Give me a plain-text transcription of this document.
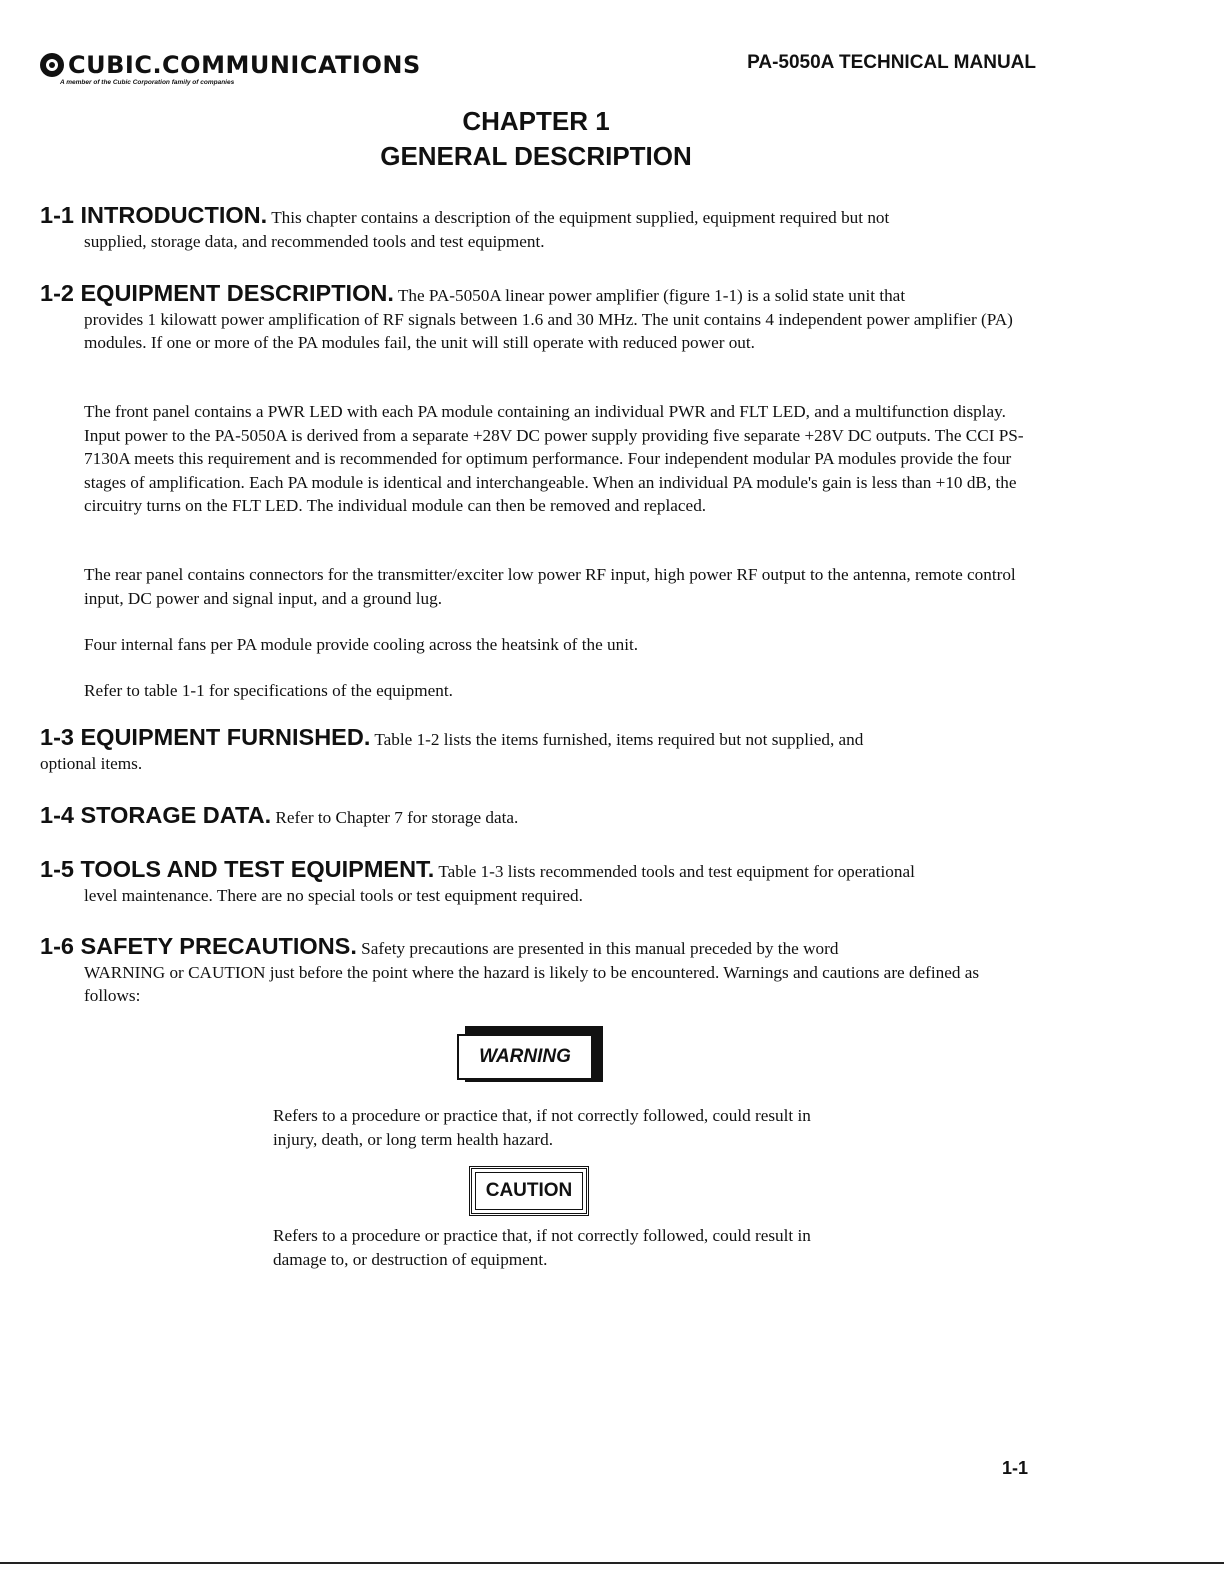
CUBIC.COMMUNICATIONS
A member of the Cubic Corporation family of companies
PA-5050A TECHNICAL MANUAL
CHAPTER 1
GENERAL DESCRIPTION
1-1 INTRODUCTION. This chapter contains a description of the equipment supplied, equipment required but not
supplied, storage data, and recommended tools and test equipment.
1-2 EQUIPMENT DESCRIPTION. The PA-5050A linear power amplifier (figure 1-1) is a solid state unit that
provides 1 kilowatt power amplification of RF signals between 1.6 and 30 MHz. The unit contains 4 independent power amplifier (PA) modules. If one or more of the PA modules fail, the unit will still operate with reduced power out.
The front panel contains a PWR LED with each PA module containing an individual PWR and FLT LED, and a multifunction display. Input power to the PA-5050A is derived from a separate +28V DC power supply providing five separate +28V DC outputs. The CCI PS-7130A meets this requirement and is recommended for optimum performance. Four independent modular PA modules provide the four stages of amplification. Each PA module is identical and interchangeable. When an individual PA module's gain is less than +10 dB, the circuitry turns on the FLT LED. The individual module can then be removed and replaced.
The rear panel contains connectors for the transmitter/exciter low power RF input, high power RF output to the antenna, remote control input, DC power and signal input, and a ground lug.
Four internal fans per PA module provide cooling across the heatsink of the unit.
Refer to table 1-1 for specifications of the equipment.
1-3 EQUIPMENT FURNISHED. Table 1-2 lists the items furnished, items required but not supplied, and
optional items.
1-4 STORAGE DATA. Refer to Chapter 7 for storage data.
1-5 TOOLS AND TEST EQUIPMENT. Table 1-3 lists recommended tools and test equipment for operational
level maintenance. There are no special tools or test equipment required.
1-6 SAFETY PRECAUTIONS. Safety precautions are presented in this manual preceded by the word
WARNING or CAUTION just before the point where the hazard is likely to be encountered. Warnings and cautions are defined as follows:
WARNING
Refers to a procedure or practice that, if not correctly followed, could result in injury, death, or long term health hazard.
CAUTION
Refers to a procedure or practice that, if not correctly followed, could result in damage to, or destruction of equipment.
1-1
